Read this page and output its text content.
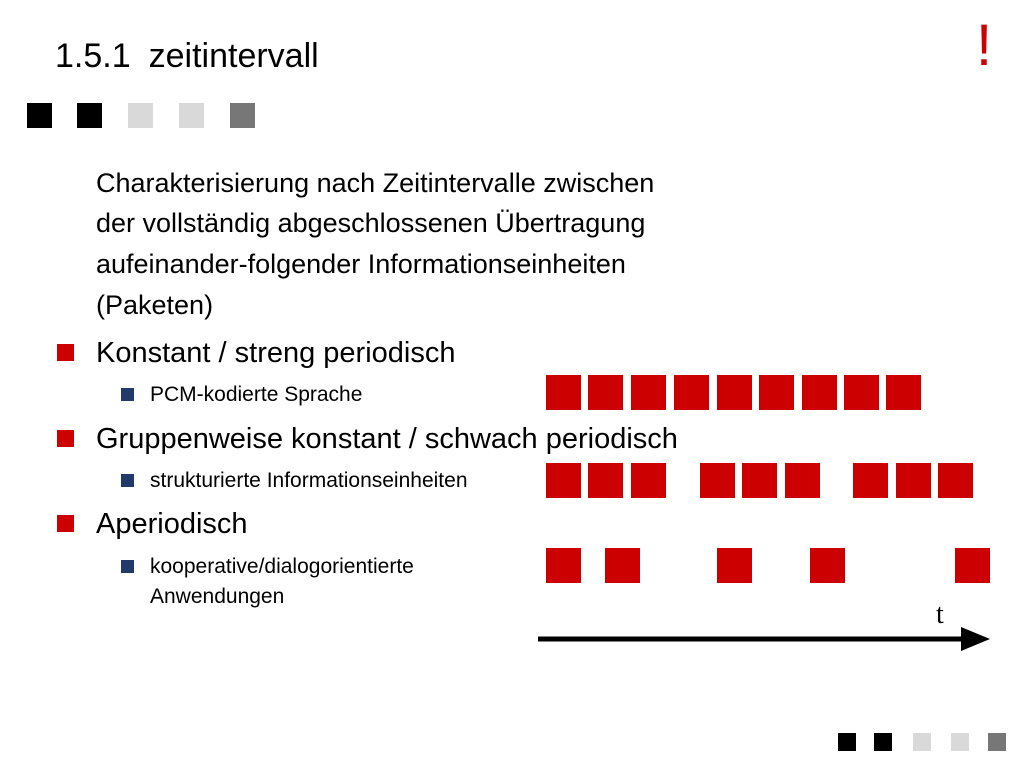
1.5.1 zeitintervall	!
Charakterisierung nach Zeitintervalle zwischen
der vollständig abgeschlossenen Übertragung
aufeinander-folgender Informationseinheiten
(Paketen)
Konstant / streng periodisch
PCM-kodierte Sprache
Gruppenweise konstant / schwach periodisch
strukturierte Informationseinheiten
Aperiodisch
kooperative/dialogorientierte
Anwendungen
t
